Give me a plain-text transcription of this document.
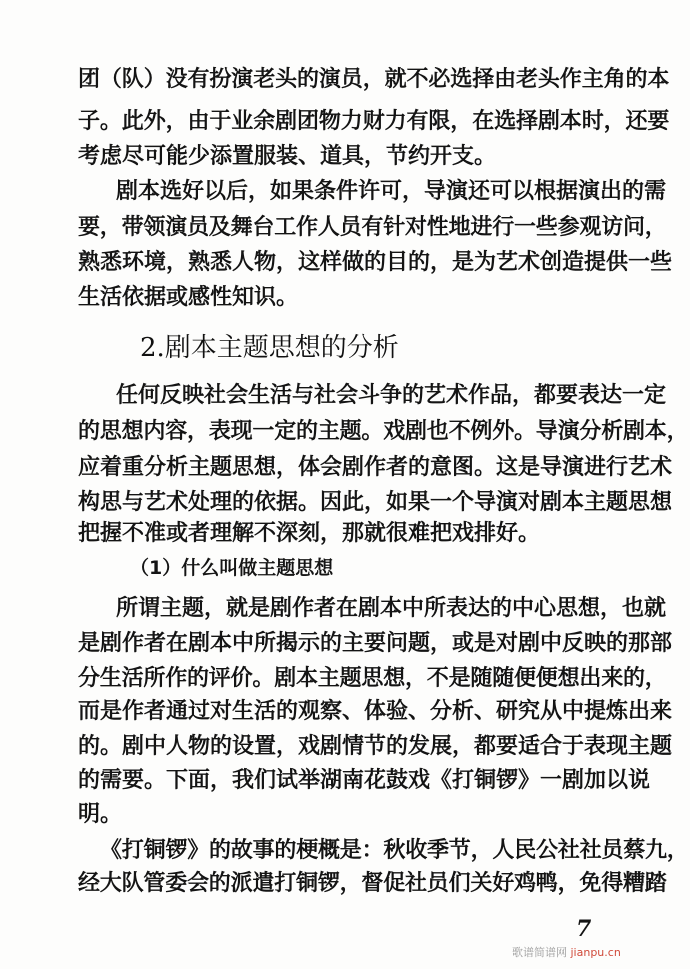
团（队）没有扮演老头的演员，就不必选择由老头作主角的本
子。此外，由于业余剧团物力财力有限，在选择剧本时，还要
考虑尽可能少添置服装、道具，节约开支。
剧本选好以后，如果条件许可，导演还可以根据演出的需
要，带领演员及舞台工作人员有针对性地进行一些参观访问，
熟悉环境，熟悉人物，这样做的目的，是为艺术创造提供一些
生活依据或感性知识。
2.剧本主题思想的分析
任何反映社会生活与社会斗争的艺术作品，都要表达一定
的思想内容，表现一定的主题。戏剧也不例外。导演分析剧本，
应着重分析主题思想，体会剧作者的意图。这是导演进行艺术
构思与艺术处理的依据。因此，如果一个导演对剧本主题思想
把握不准或者理解不深刻，那就很难把戏排好。
（1）什么叫做主题思想
所谓主题，就是剧作者在剧本中所表达的中心思想，也就
是剧作者在剧本中所揭示的主要问题，或是对剧中反映的那部
分生活所作的评价。剧本主题思想，不是随随便便想出来的，
而是作者通过对生活的观察、体验、分析、研究从中提炼出来
的。剧中人物的设置，戏剧情节的发展，都要适合于表现主题
的需要。下面，我们试举湖南花鼓戏《打铜锣》一剧加以说
明。
《打铜锣》的故事的梗概是：秋收季节，人民公社社员蔡九，
经大队管委会的派遣打铜锣，督促社员们关好鸡鸭，免得糟踏
7
歌谱简谱网 jianpu.cn
